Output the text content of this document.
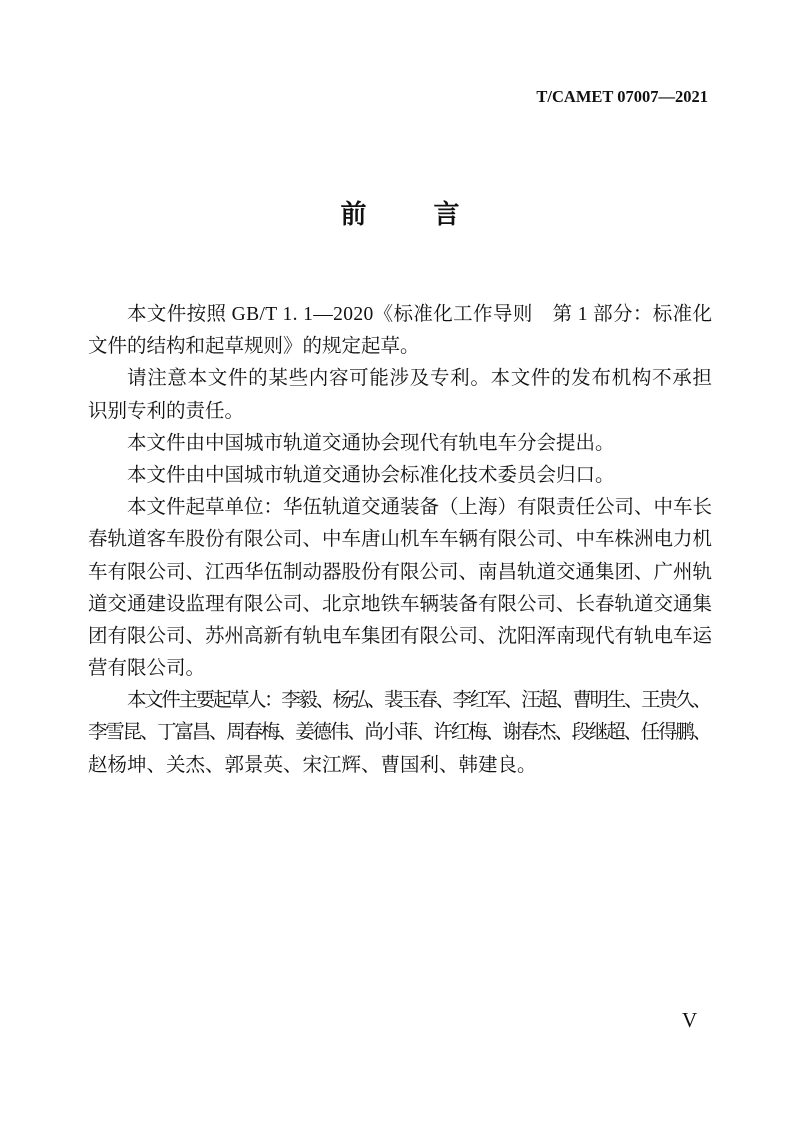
T/CAMET 07007—2021
前　　言
本文件按照 GB/T 1. 1—2020《标准化工作导则　第 1 部分：标准化
文件的结构和起草规则》的规定起草。
请注意本文件的某些内容可能涉及专利。本文件的发布机构不承担
识别专利的责任。
本文件由中国城市轨道交通协会现代有轨电车分会提出。
本文件由中国城市轨道交通协会标准化技术委员会归口。
本文件起草单位：华伍轨道交通装备（上海）有限责任公司、中车长
春轨道客车股份有限公司、中车唐山机车车辆有限公司、中车株洲电力机
车有限公司、江西华伍制动器股份有限公司、南昌轨道交通集团、广州轨
道交通建设监理有限公司、北京地铁车辆装备有限公司、长春轨道交通集
团有限公司、苏州高新有轨电车集团有限公司、沈阳浑南现代有轨电车运
营有限公司。
本文件主要起草人：李毅、杨弘、裴玉春、李红军、汪超、曹明生、王贵久、
李雪昆、丁富昌、周春梅、姜德伟、尚小菲、许红梅、谢春杰、段继超、任得鹏、
赵杨坤、关杰、郭景英、宋江辉、曹国利、韩建良。
V
